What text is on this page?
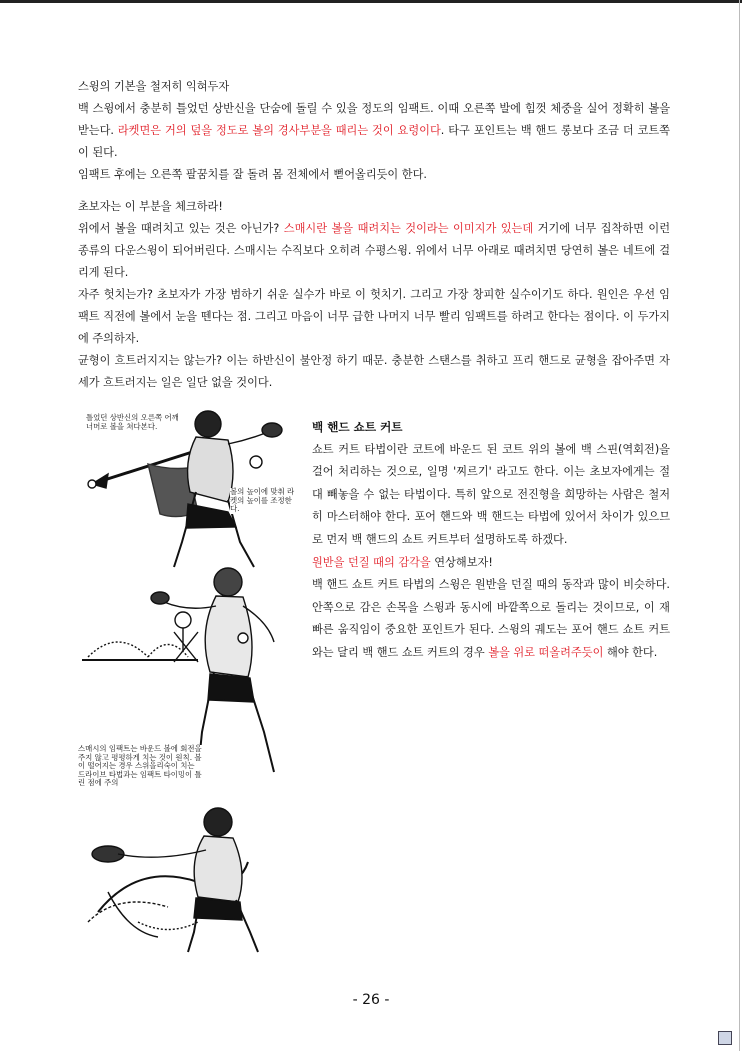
스윙의 기본을 철저히 익혀두자

백 스윙에서 충분히 틀었던 상반신을 단숨에 돌릴 수 있을 정도의 임팩트. 이때 오른쪽 발에 힘껏 체중을 실어 정확히 볼을 받는다. 라켓면은 거의 덮을 정도로 볼의 경사부분을 때리는 것이 요령이다. 타구 포인트는 백 핸드 롱보다 조금 더 코트쪽이 된다.

임팩트 후에는 오른쪽 팔꿈치를 잘 돌려 몸 전체에서 뻗어올리듯이 한다.

초보자는 이 부분을 체크하라!

위에서 볼을 때려치고 있는 것은 아닌가? 스매시란 볼을 때려치는 것이라는 이미지가 있는데 거기에 너무 집착하면 이런 종류의 다운스윙이 되어버린다. 스매시는 수직보다 오히려 수평스윙. 위에서 너무 아래로 때려치면 당연히 볼은 네트에 걸리게 된다.

자주 헛치는가? 초보자가 가장 범하기 쉬운 실수가 바로 이 헛치기. 그리고 가장 창피한 실수이기도 하다. 원인은 우선 임팩트 직전에 볼에서 눈을 뗀다는 점. 그리고 마음이 너무 급한 나머지 너무 빨리 임팩트를 하려고 한다는 점이다. 이 두가지에 주의하자.

균형이 흐트러지지는 않는가? 이는 하반신이 불안정 하기 때문. 충분한 스탠스를 취하고 프리 핸드로 균형을 잡아주면 자세가 흐트러지는 일은 일단 없을 것이다.

틀었던 상반신의 오른쪽 어깨 너머로 볼을 쳐다본다.
볼의 높이에 맞춰 라켓의 높이를 조정한다.
스매시의 임팩트는 바운드 볼에 회전을 주지 않고 평평하게 치는 것이 원칙. 볼이 떨어지는 경우 스위을리숙이 치는 드라이브 타법과는 임팩트 타이밍이 틀린 점에 주의

백 핸드 쇼트 커트

쇼트 커트 타법이란 코트에 바운드 된 코트 위의 볼에 백 스핀(역회전)을 걸어 처리하는 것으로, 일명 '찌르기' 라고도 한다. 이는 초보자에게는 절대 빼놓을 수 없는 타법이다. 특히 앞으로 전진형을 희망하는 사람은 철저히 마스터해야 한다. 포어 핸드와 백 핸드는 타법에 있어서 차이가 있으므로 먼저 백 핸드의 쇼트 커트부터 설명하도록 하겠다.

원반을 던질 때의 감각을 연상해보자!

백 핸드 쇼트 커트 타법의 스윙은 원반을 던질 때의 동작과 많이 비슷하다. 안쪽으로 감은 손목을 스윙과 동시에 바깥쪽으로 돌리는 것이므로, 이 재빠른 움직임이 중요한 포인트가 된다. 스윙의 궤도는 포어 핸드 쇼트 커트와는 달리 백 핸드 쇼트 커트의 경우 볼을 위로 떠올려주듯이 해야 한다.

- 26 -
